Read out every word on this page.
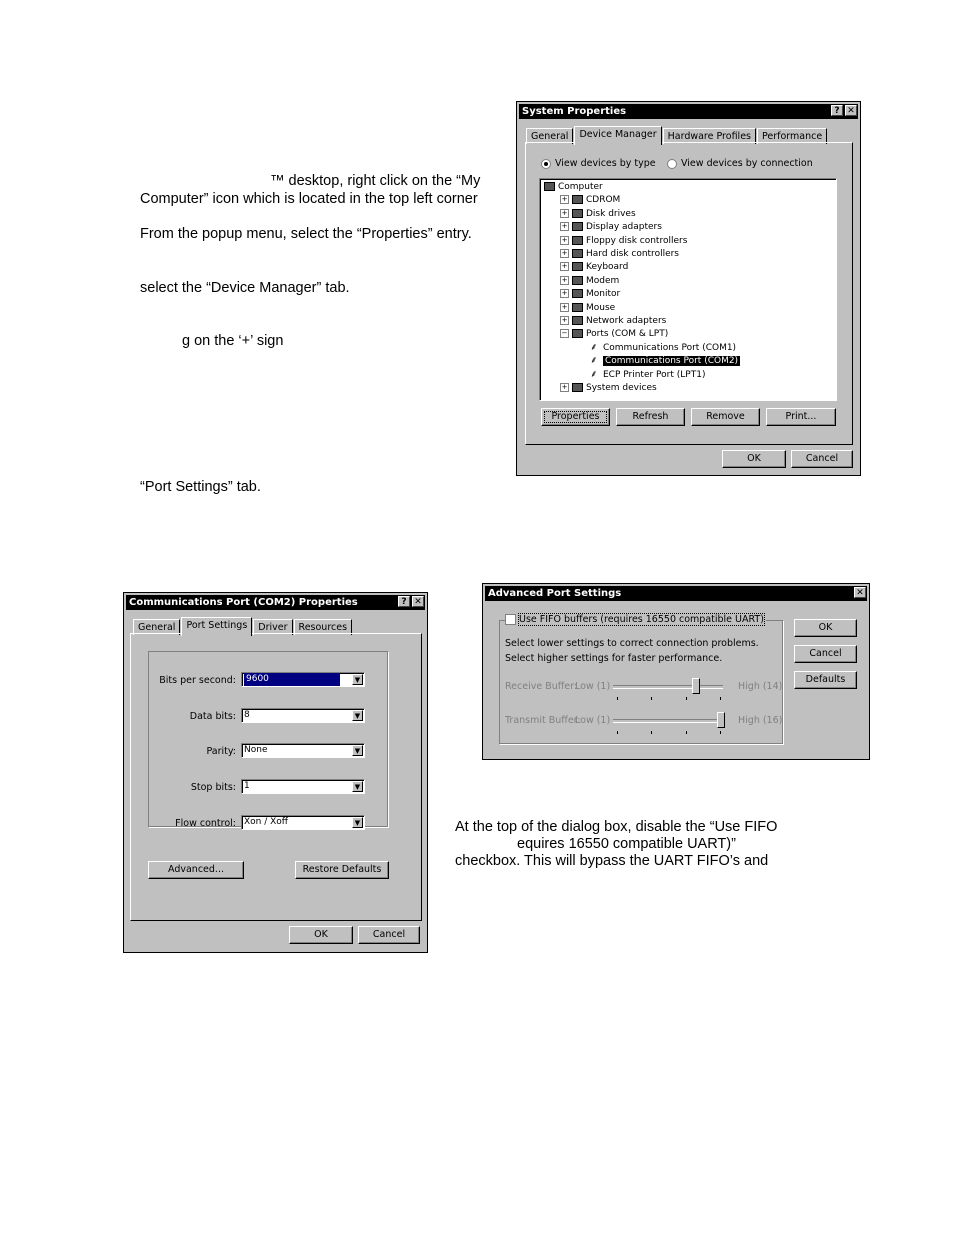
™ desktop, right click on the “My
Computer” icon which is located in the top left corner
From the popup menu, select the “Properties” entry.
select the “Device Manager” tab.
g on the ‘+’ sign
“Port Settings” tab.
At the top of the dialog box, disable the “Use FIFO
equires 16550 compatible UART)”
checkbox. This will bypass the UART FIFO’s and
System Properties	? ✕
General	Device Manager	Hardware Profiles	Performance
View devices by type	View devices by connection
Computer
+ CDROM
+ Disk drives
+ Display adapters
+ Floppy disk controllers
+ Hard disk controllers
+ Keyboard
+ Modem
+ Monitor
+ Mouse
+ Network adapters
− Ports (COM & LPT)
⸙ Communications Port (COM1)
⸙ Communications Port (COM2)
⸙ ECP Printer Port (LPT1)
+ System devices
Properties	Refresh	Remove	Print...
OK	Cancel
Communications Port (COM2) Properties	? ✕
General	Port Settings	Driver	Resources
Bits per second:	9600	▼
Data bits: 8	▼
Parity: None	▼
Stop bits: 1	▼
Flow control: Xon / Xoff	▼
Advanced...	Restore Defaults
OK	Cancel
Advanced Port Settings	✕
Use FIFO buffers (requires 16550 compatible UART)
Select lower settings to correct connection problems.
Select higher settings for faster performance.
Receive Buffer:
Low (1)	High (14)
Transmit Buffer:
Low (1)	High (16)
OK
Cancel
Defaults
